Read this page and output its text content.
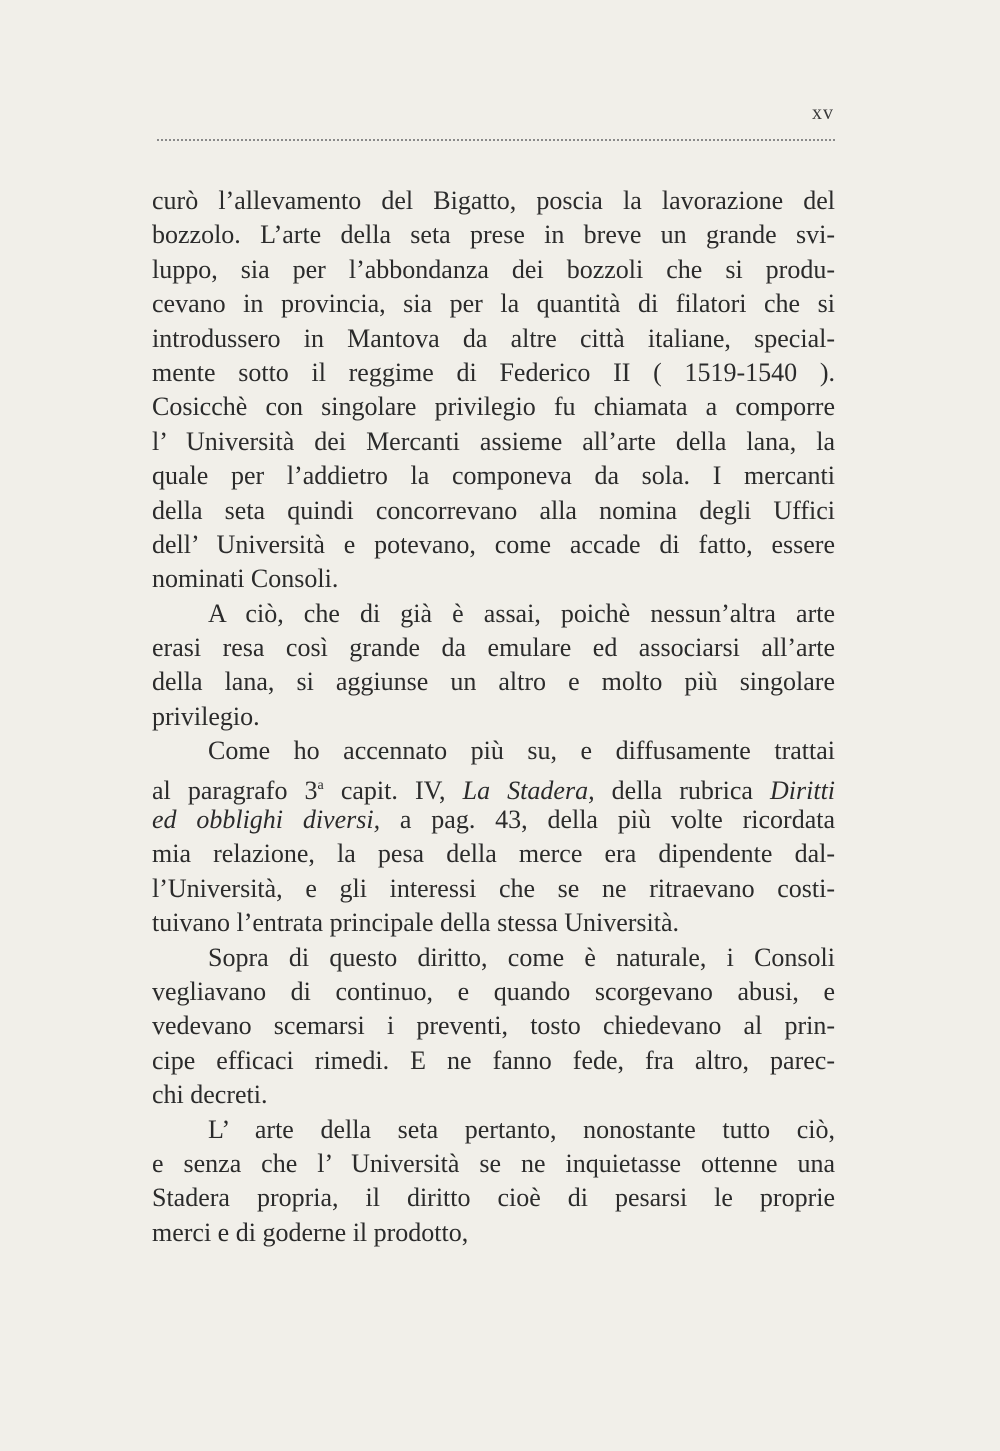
xv
curò l’allevamento del Bigatto, poscia la lavorazione del
bozzolo. L’arte della seta prese in breve un grande svi-
luppo, sia per l’abbondanza dei bozzoli che si produ-
cevano in provincia, sia per la quantità di filatori che si
introdussero in Mantova da altre città italiane, special-
mente sotto il reggime di Federico II ( 1519-1540 ).
Cosicchè con singolare privilegio fu chiamata a comporre
l’ Università dei Mercanti assieme all’arte della lana, la
quale per l’addietro la componeva da sola. I mercanti
della seta quindi concorrevano alla nomina degli Uffici
dell’ Università e potevano, come accade di fatto, essere
nominati Consoli.
A ciò, che di già è assai, poichè nessun’altra arte
erasi resa così grande da emulare ed associarsi all’arte
della lana, si aggiunse un altro e molto più singolare
privilegio.
Come ho accennato più su, e diffusamente trattai
al paragrafo 3$^a$ capit. IV, La Stadera, della rubrica Diritti
ed obblighi diversi, a pag. 43, della più volte ricordata
mia relazione, la pesa della merce era dipendente dal-
l’Università, e gli interessi che se ne ritraevano costi-
tuivano l’entrata principale della stessa Università.
Sopra di questo diritto, come è naturale, i Consoli
vegliavano di continuo, e quando scorgevano abusi, e
vedevano scemarsi i preventi, tosto chiedevano al prin-
cipe efficaci rimedi. E ne fanno fede, fra altro, parec-
chi decreti.
L’ arte della seta pertanto, nonostante tutto ciò,
e senza che l’ Università se ne inquietasse ottenne una
Stadera propria, il diritto cioè di pesarsi le proprie
merci e di goderne il prodotto,
